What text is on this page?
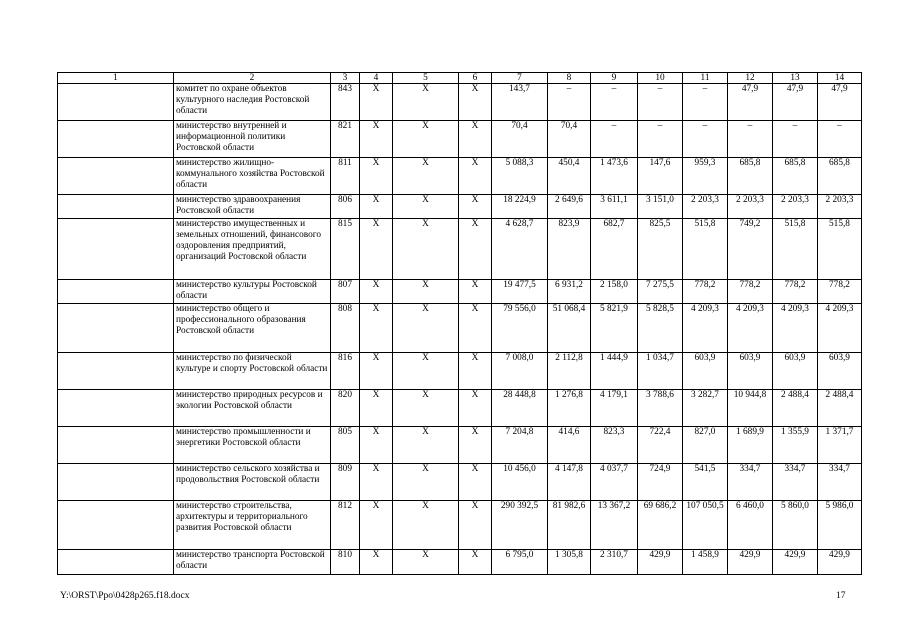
1	2	3	4	5	6	7	8	9	10	11	12	13	14
	комитет по охране объектов культурного наследия Ростовской области	843	Х	Х	Х	143,7	–	–	–	–	47,9	47,9	47,9
	министерство внутренней и информационной политики Ростовской области	821	Х	Х	Х	70,4	70,4	–	–	–	–	–	–
	министерство жилищно-коммунального хозяйства Ростовской области	811	Х	Х	Х	5 088,3	450,4	1 473,6	147,6	959,3	685,8	685,8	685,8
	министерство здравоохранения Ростовской области	806	Х	Х	Х	18 224,9	2 649,6	3 611,1	3 151,0	2 203,3	2 203,3	2 203,3	2 203,3
	министерство имущественных и земельных отношений, финансового оздоровления предприятий, организаций Ростовской области	815	Х	Х	Х	4 628,7	823,9	682,7	825,5	515,8	749,2	515,8	515,8
	министерство культуры Ростовской области	807	Х	Х	Х	19 477,5	6 931,2	2 158,0	7 275,5	778,2	778,2	778,2	778,2
	министерство общего и профессионального образования Ростовской области	808	Х	Х	Х	79 556,0	51 068,4	5 821,9	5 828,5	4 209,3	4 209,3	4 209,3	4 209,3
	министерство по физической культуре и спорту Ростовской области	816	Х	Х	Х	7 008,0	2 112,8	1 444,9	1 034,7	603,9	603,9	603,9	603,9
	министерство природных ресурсов и экологии Ростовской области	820	Х	Х	Х	28 448,8	1 276,8	4 179,1	3 788,6	3 282,7	10 944,8	2 488,4	2 488,4
	министерство промышленности и энергетики Ростовской области	805	Х	Х	Х	7 204,8	414,6	823,3	722,4	827,0	1 689,9	1 355,9	1 371,7
	министерство сельского хозяйства и продовольствия Ростовской области	809	Х	Х	Х	10 456,0	4 147,8	4 037,7	724,9	541,5	334,7	334,7	334,7
	министерство строительства, архитектуры и территориального развития Ростовской области	812	Х	Х	Х	290 392,5	81 982,6	13 367,2	69 686,2	107 050,5	6 460,0	5 860,0	5 986,0
	министерство транспорта Ростовской области	810	Х	Х	Х	6 795,0	1 305,8	2 310,7	429,9	1 458,9	429,9	429,9	429,9
Y:\ORST\Ppo\0428p265.f18.docx	17
